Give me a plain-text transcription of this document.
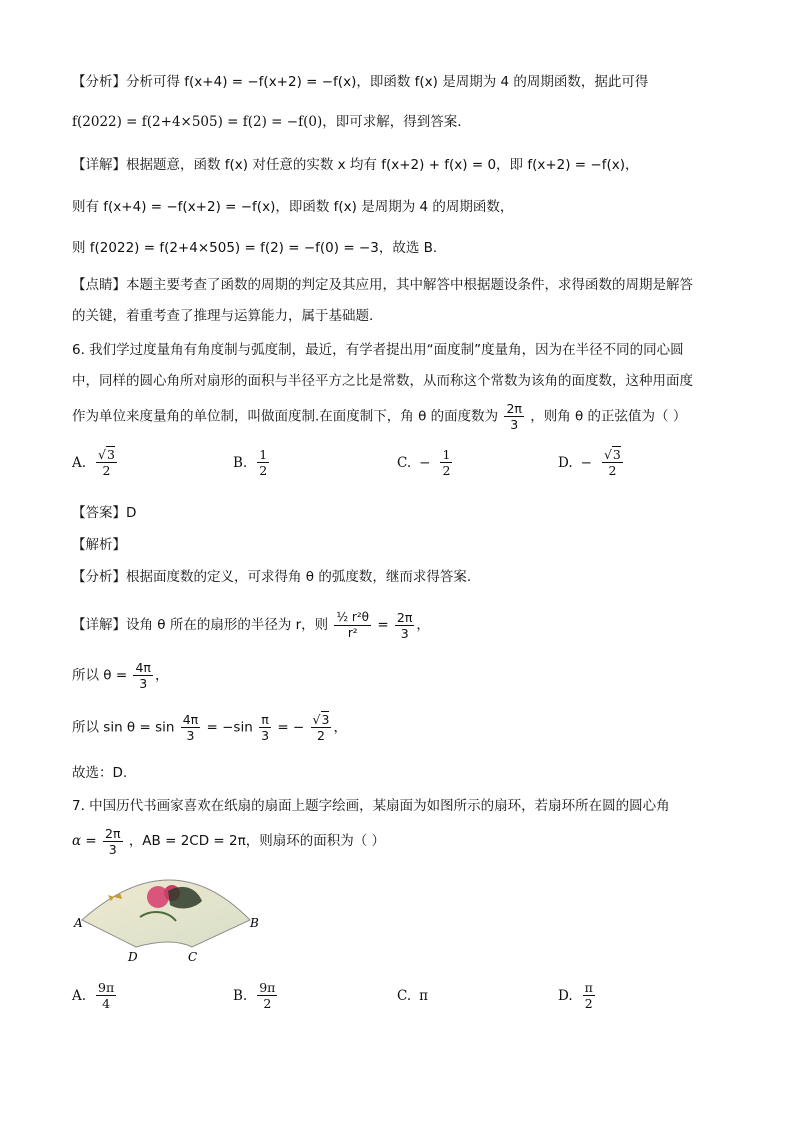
【分析】分析可得 f(x+4) = −f(x+2) = −f(x)，即函数 f(x) 是周期为 4 的周期函数，据此可得
f(2022) = f(2+4×505) = f(2) = −f(0)，即可求解，得到答案.
【详解】根据题意，函数 f(x) 对任意的实数 x 均有 f(x+2) + f(x) = 0，即 f(x+2) = −f(x)，
则有 f(x+4) = −f(x+2) = −f(x)，即函数 f(x) 是周期为 4 的周期函数，
则 f(2022) = f(2+4×505) = f(2) = −f(0) = −3，故选 B.
【点睛】本题主要考查了函数的周期的判定及其应用，其中解答中根据题设条件，求得函数的周期是解答
的关键，着重考查了推理与运算能力，属于基础题.
6. 我们学过度量角有角度制与弧度制，最近，有学者提出用“面度制”度量角，因为在半径不同的同心圆
中，同样的圆心角所对扇形的面积与半径平方之比是常数，从而称这个常数为该角的面度数，这种用面度
作为单位来度量角的单位制，叫做面度制.在面度制下，角 θ 的面度数为 $\frac{2\pi}{3}$ ，则角 θ 的正弦值为（ ）
A. $\frac{√3}{2}$	B. $\frac{1}{2}$	C. − $\frac{1}{2}$	D. − $\frac{√3}{2}$
【答案】D
【解析】
【分析】根据面度数的定义，可求得角 θ 的弧度数，继而求得答案.
【详解】设角 θ 所在的扇形的半径为 r，则 $\frac{\text{½ r²θ}}{\text{r²}} = \frac{2\pi}{3}$ ，
所以 $\theta = \frac{4\pi}{3}$ ，
所以 $\sin \theta = \sin \frac{4\pi}{3} = -\sin \frac{\pi}{3}$ = − $\frac{√3}{2}$ ，
故选：D.
7. 中国历代书画家喜欢在纸扇的扇面上题字绘画，某扇面为如图所示的扇环，若扇环所在圆的圆心角
$\alpha = \frac{2\pi}{3}$ ，AB = 2CD = 2π，则扇环的面积为（ ）
A	B
D	C
A. $\frac{9\pi}{4}$	B. $\frac{9\pi}{2}$	C. π	D. $\frac{\pi}{2}$
